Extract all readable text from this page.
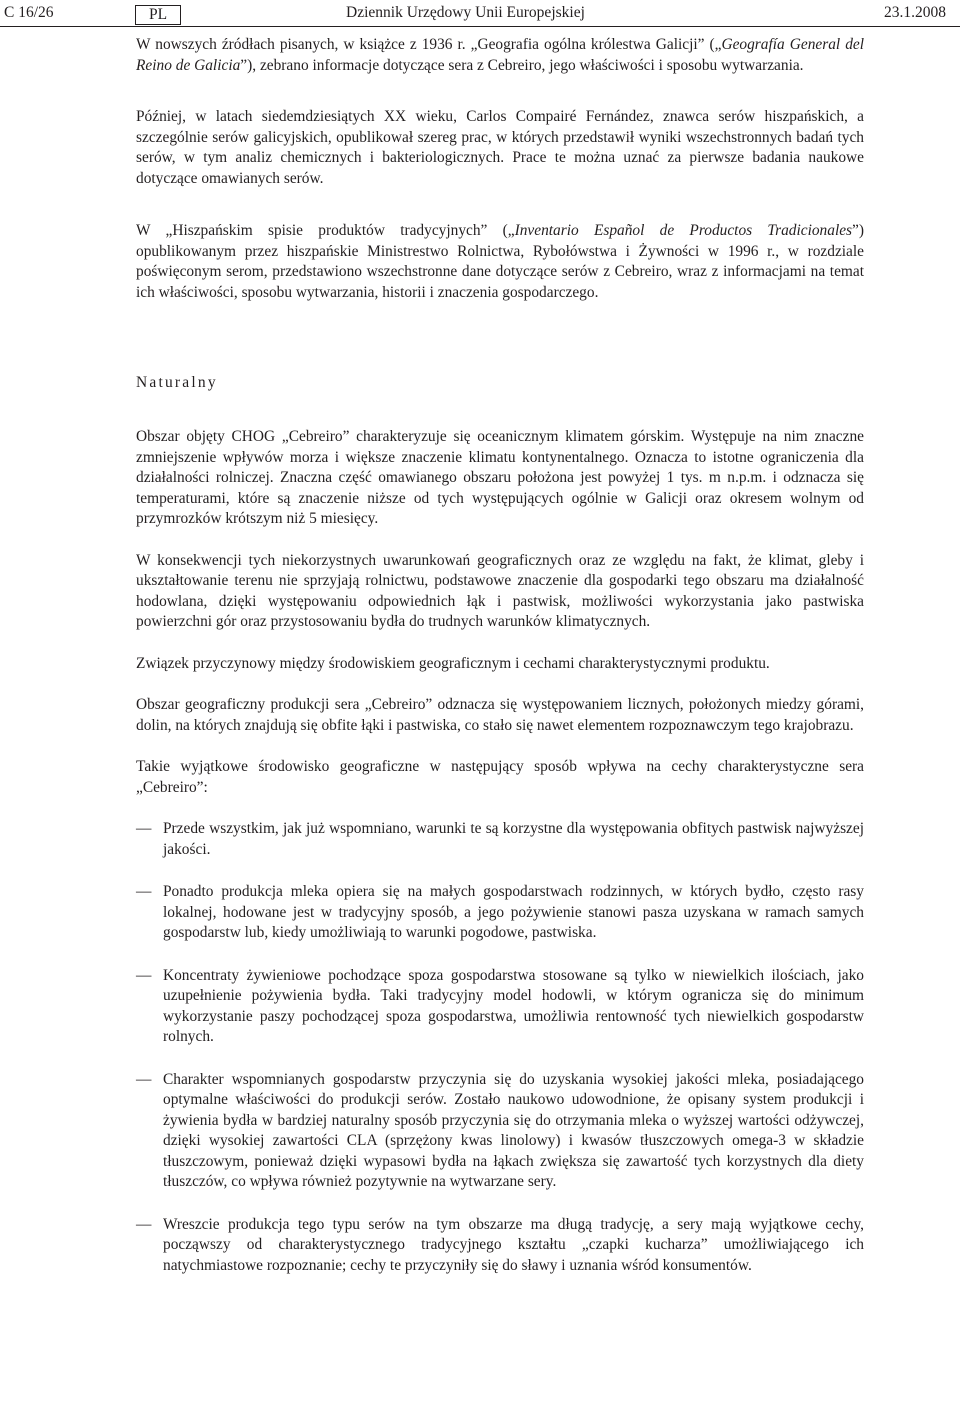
C 16/26	PL	Dziennik Urzędowy Unii Europejskiej	23.1.2008

W nowszych źródłach pisanych, w książce z 1936 r. „Geografia ogólna królestwa Galicji” („Geografía General del Reino de Galicia”), zebrano informacje dotyczące sera z Cebreiro, jego właściwości i sposobu wytwarzania.

Później, w latach siedemdziesiątych XX wieku, Carlos Compairé Fernández, znawca serów hiszpańskich, a szczególnie serów galicyjskich, opublikował szereg prac, w których przedstawił wyniki wszechstronnych badań tych serów, w tym analiz chemicznych i bakteriologicznych. Prace te można uznać za pierwsze badania naukowe dotyczące omawianych serów.

W „Hiszpańskim spisie produktów tradycyjnych” („Inventario Español de Productos Tradicionales”) opublikowanym przez hiszpańskie Ministrestwo Rolnictwa, Rybołówstwa i Żywności w 1996 r., w rozdziale poświęconym serom, przedstawiono wszechstronne dane dotyczące serów z Cebreiro, wraz z informacjami na temat ich właściwości, sposobu wytwarzania, historii i znaczenia gospodarczego.

Naturalny

Obszar objęty CHOG „Cebreiro” charakteryzuje się oceanicznym klimatem górskim. Występuje na nim znaczne zmniejszenie wpływów morza i większe znaczenie klimatu kontynentalnego. Oznacza to istotne ograniczenia dla działalności rolniczej. Znaczna część omawianego obszaru położona jest powyżej 1 tys. m n.p.m. i odznacza się temperaturami, które są znaczenie niższe od tych występujących ogólnie w Galicji oraz okresem wolnym od przymrozków krótszym niż 5 miesięcy.

W konsekwencji tych niekorzystnych uwarunkowań geograficznych oraz ze względu na fakt, że klimat, gleby i ukształtowanie terenu nie sprzyjają rolnictwu, podstawowe znaczenie dla gospodarki tego obszaru ma działalność hodowlana, dzięki występowaniu odpowiednich łąk i pastwisk, możliwości wykorzystania jako pastwiska powierzchni gór oraz przystosowaniu bydła do trudnych warunków klimatycznych.

Związek przyczynowy między środowiskiem geograficznym i cechami charakterystycznymi produktu.

Obszar geograficzny produkcji sera „Cebreiro” odznacza się występowaniem licznych, położonych miedzy górami, dolin, na których znajdują się obfite łąki i pastwiska, co stało się nawet elementem rozpoznawczym tego krajobrazu.

Takie wyjątkowe środowisko geograficzne w następujący sposób wpływa na cechy charakterystyczne sera „Cebreiro”:

— Przede wszystkim, jak już wspomniano, warunki te są korzystne dla występowania obfitych pastwisk najwyższej jakości.
— Ponadto produkcja mleka opiera się na małych gospodarstwach rodzinnych, w których bydło, często rasy lokalnej, hodowane jest w tradycyjny sposób, a jego pożywienie stanowi pasza uzyskana w ramach samych gospodarstw lub, kiedy umożliwiają to warunki pogodowe, pastwiska.
— Koncentraty żywieniowe pochodzące spoza gospodarstwa stosowane są tylko w niewielkich ilościach, jako uzupełnienie pożywienia bydła. Taki tradycyjny model hodowli, w którym ogranicza się do minimum wykorzystanie paszy pochodzącej spoza gospodarstwa, umożliwia rentowność tych niewielkich gospodarstw rolnych.
— Charakter wspomnianych gospodarstw przyczynia się do uzyskania wysokiej jakości mleka, posiadającego optymalne właściwości do produkcji serów. Zostało naukowo udowodnione, że opisany system produkcji i żywienia bydła w bardziej naturalny sposób przyczynia się do otrzymania mleka o wyższej wartości odżywczej, dzięki wysokiej zawartości CLA (sprzężony kwas linolowy) i kwasów tłuszczowych omega-3 w składzie tłuszczowym, ponieważ dzięki wypasowi bydła na łąkach zwiększa się zawartość tych korzystnych dla diety tłuszczów, co wpływa również pozytywnie na wytwarzane sery.
— Wreszcie produkcja tego typu serów na tym obszarze ma długą tradycję, a sery mają wyjątkowe cechy, począwszy od charakterystycznego tradycyjnego kształtu „czapki kucharza” umożliwiającego ich natychmiastowe rozpoznanie; cechy te przyczyniły się do sławy i uznania wśród konsumentów.
